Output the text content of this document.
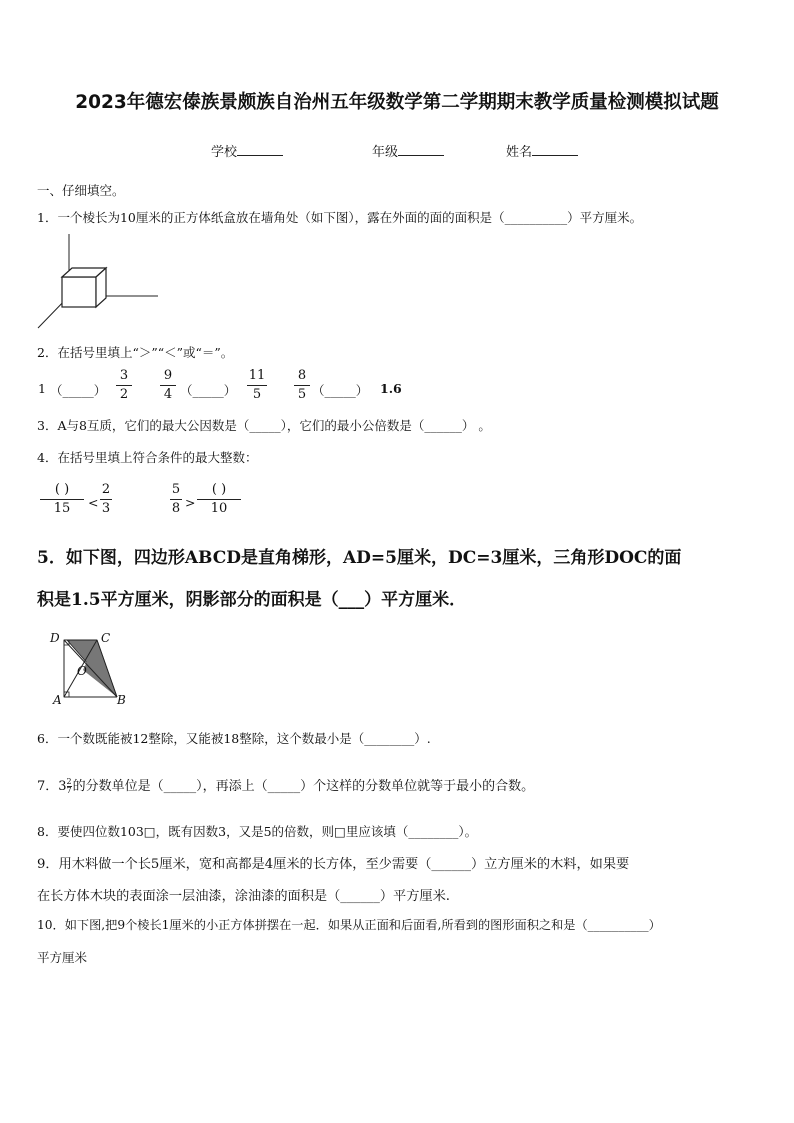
2023年德宏傣族景颇族自治州五年级数学第二学期期末教学质量检测模拟试题
学校	年级	姓名
一、仔细填空。
1．一个棱长为10厘米的正方体纸盒放在墙角处（如下图），露在外面的面的面积是（__________）平方厘米。
2．在括号里填上“＞”“＜”或“＝”。
1 （_____）
3
2
9
4 （_____）
11
5
8
5 （_____） 1.6
3．A与8互质，它们的最大公因数是（_____），它们的最小公倍数是（______） 。
4．在括号里填上符合条件的最大整数：
( )
15	<
2
3
5
8 >
( )
10
5．如下图，四边形ABCD是直角梯形，AD=5厘米，DC=3厘米，三角形DOC的面
积是1.5平方厘米，阴影部分的面积是（___）平方厘米．
D	C
O
A	B
6．一个数既能被12整除，又能被18整除，这个数最小是（________）.
7．$3 \frac{2}{7}$ 的分数单位是（_____），再添上（_____）个这样的分数单位就等于最小的合数。
8．要使四位数103□，既有因数3，又是5的倍数，则□里应该填（________）。
9．用木料做一个长5厘米，宽和高都是4厘米的长方体，至少需要（______）立方厘米的木料，如果要
在长方体木块的表面涂一层油漆，涂油漆的面积是（______）平方厘米.
10．如下图,把9个棱长1厘米的小正方体拼摆在一起．如果从正面和后面看,所看到的图形面积之和是（__________）
平方厘米
